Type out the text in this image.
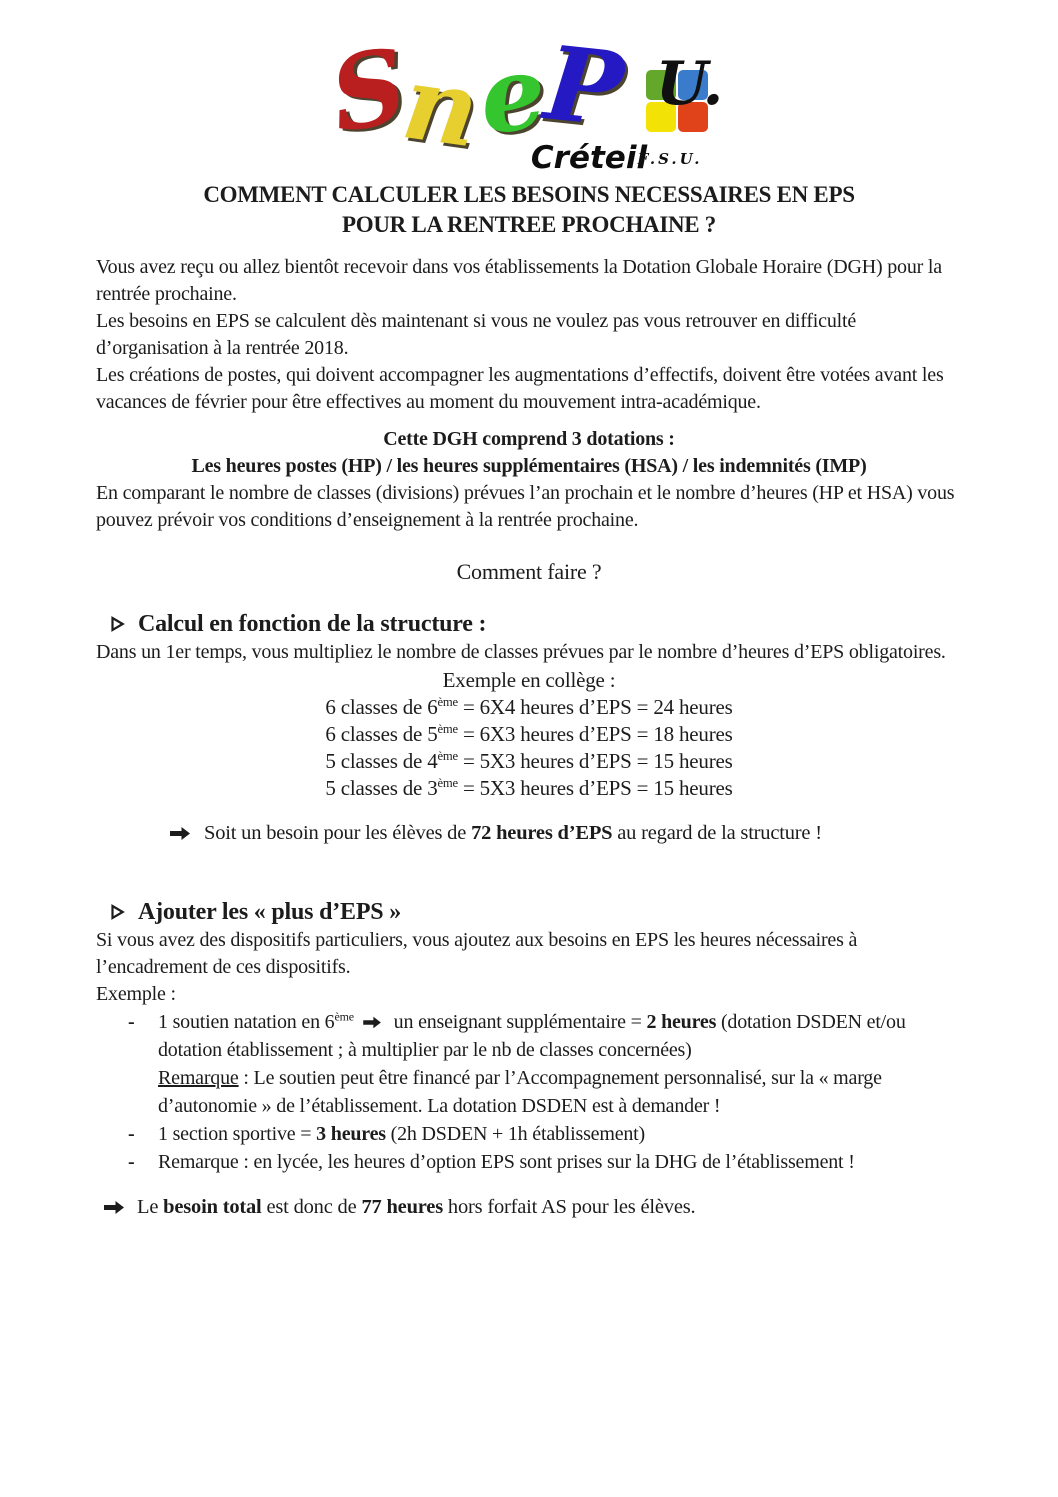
S
n
e
P U.
F.S.U.
Créteil
COMMENT CALCULER LES BESOINS NECESSAIRES EN EPS
POUR LA RENTREE PROCHAINE ?

Vous avez reçu ou allez bientôt recevoir dans vos établissements la Dotation Globale Horaire (DGH) pour la rentrée prochaine.

Les besoins en EPS se calculent dès maintenant si vous ne voulez pas vous retrouver en difficulté d’organisation à la rentrée 2018.

Les créations de postes, qui doivent accompagner les augmentations d’effectifs, doivent être votées avant les vacances de février pour être effectives au moment du mouvement intra-académique.

Cette DGH comprend 3 dotations :
Les heures postes (HP) / les heures supplémentaires (HSA) / les indemnités (IMP)

En comparant le nombre de classes (divisions) prévues l’an prochain et le nombre d’heures (HP et HSA) vous pouvez prévoir vos conditions d’enseignement à la rentrée prochaine.

Comment faire ?
Calcul en fonction de la structure :

Dans un 1er temps, vous multipliez le nombre de classes prévues par le nombre d’heures d’EPS obligatoires.

Exemple en collège :
6 classes de 6ème = 6X4 heures d’EPS = 24 heures
6 classes de 5ème = 6X3 heures d’EPS = 18 heures
5 classes de 4ème = 5X3 heures d’EPS = 15 heures
5 classes de 3ème = 5X3 heures d’EPS = 15 heures
Soit un besoin pour les élèves de 72 heures d’EPS au regard de la structure !
Ajouter les « plus d’EPS »

Si vous avez des dispositifs particuliers, vous ajoutez aux besoins en EPS les heures nécessaires à l’encadrement de ces dispositifs.

Exemple :

-	1 soutien natation en 6ème un enseignant supplémentaire = 2 heures (dotation DSDEN et/ou dotation établissement ; à multiplier par le nb de classes concernées)
Remarque : Le soutien peut être financé par l’Accompagnement personnalisé, sur la « marge d’autonomie » de l’établissement. La dotation DSDEN est à demander !
-	1 section sportive = 3 heures (2h DSDEN + 1h établissement)
-	Remarque : en lycée, les heures d’option EPS sont prises sur la DHG de l’établissement !
Le besoin total est donc de 77 heures hors forfait AS pour les élèves.
